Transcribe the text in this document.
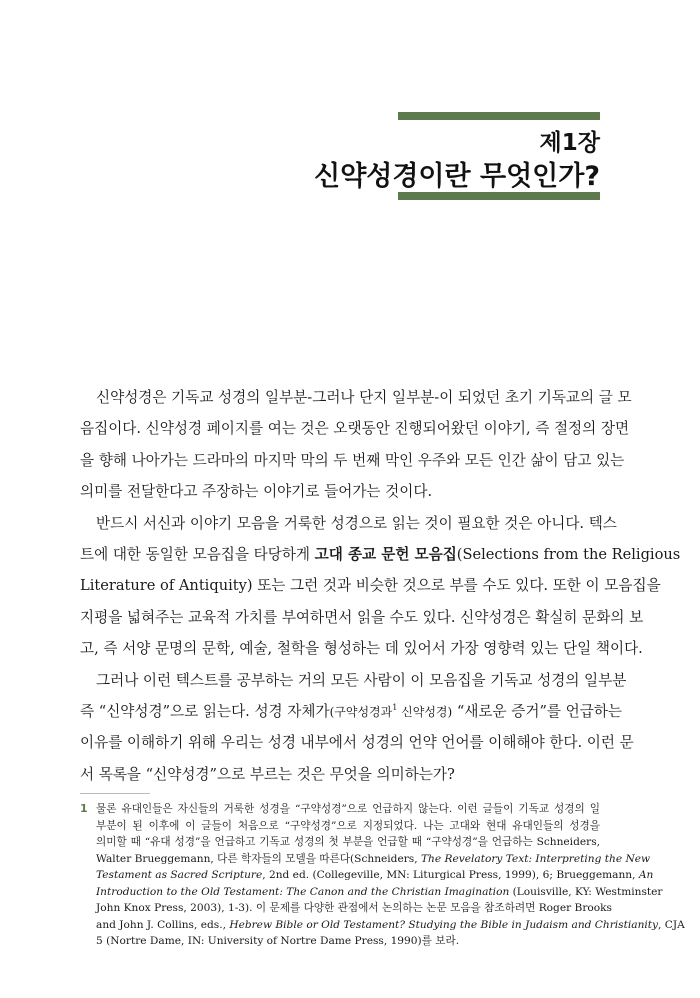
제1장
신약성경이란 무엇인가?
신약성경은 기독교 성경의 일부분-그러나 단지 일부분-이 되었던 초기 기독교의 글 모
음집이다. 신약성경 페이지를 여는 것은 오랫동안 진행되어왔던 이야기, 즉 절정의 장면
을 향해 나아가는 드라마의 마지막 막의 두 번째 막인 우주와 모든 인간 삶이 담고 있는
의미를 전달한다고 주장하는 이야기로 들어가는 것이다.
반드시 서신과 이야기 모음을 거룩한 성경으로 읽는 것이 필요한 것은 아니다. 텍스
트에 대한 동일한 모음집을 타당하게 고대 종교 문헌 모음집(Selections from the Religious
Literature of Antiquity) 또는 그런 것과 비슷한 것으로 부를 수도 있다. 또한 이 모음집을
지평을 넓혀주는 교육적 가치를 부여하면서 읽을 수도 있다. 신약성경은 확실히 문화의 보
고, 즉 서양 문명의 문학, 예술, 철학을 형성하는 데 있어서 가장 영향력 있는 단일 책이다.
그러나 이런 텍스트를 공부하는 거의 모든 사람이 이 모음집을 기독교 성경의 일부분
즉 “신약성경”으로 읽는다. 성경 자체가(구약성경과$^1$ 신약성경) “새로운 증거”를 언급하는
이유를 이해하기 위해 우리는 성경 내부에서 성경의 언약 언어를 이해해야 한다. 이런 문
서 목록을 “신약성경”으로 부르는 것은 무엇을 의미하는가?
1 물론 유대인들은 자신들의 거룩한 성경을 “구약성경”으로 언급하지 않는다. 이런 글들이 기독교 성경의 일
부분이 된 이후에 이 글들이 처음으로 “구약성경”으로 지정되었다. 나는 고대와 현대 유대인들의 성경을
의미할 때 “유대 성경”을 언급하고 기독교 성경의 첫 부분을 언급할 때 “구약성경”을 언급하는 Schneiders,
Walter Brueggemann, 다른 학자들의 모델을 따른다(Schneiders, The Revelatory Text: Interpreting the New
Testament as Sacred Scripture, 2nd ed. (Collegeville, MN: Liturgical Press, 1999), 6; Brueggemann, An
Introduction to the Old Testament: The Canon and the Christian Imagination (Louisville, KY: Westminster
John Knox Press, 2003), 1-3). 이 문제를 다양한 관점에서 논의하는 논문 모음을 참조하려면 Roger Brooks
and John J. Collins, eds., Hebrew Bible or Old Testament? Studying the Bible in Judaism and Christianity, CJA
5 (Nortre Dame, IN: University of Nortre Dame Press, 1990)를 보라.
